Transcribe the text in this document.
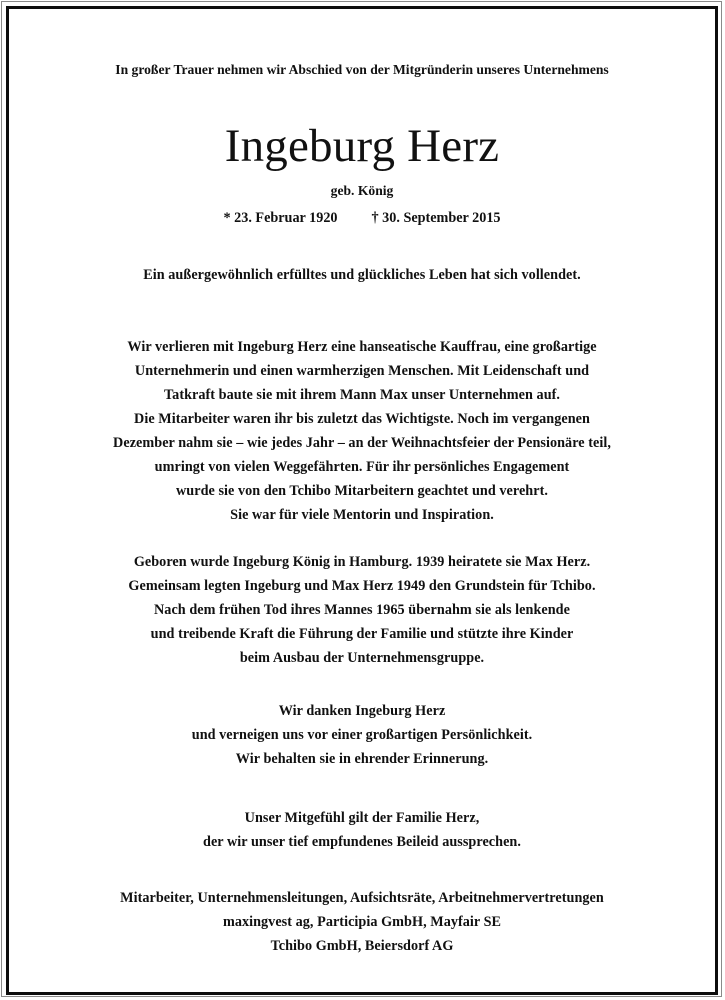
In großer Trauer nehmen wir Abschied von der Mitgründerin unseres Unternehmens
Ingeburg Herz
geb. König
* 23. Februar 1920 † 30. September 2015
Ein außergewöhnlich erfülltes und glückliches Leben hat sich vollendet.
Wir verlieren mit Ingeburg Herz eine hanseatische Kauffrau, eine großartige
Unternehmerin und einen warmherzigen Menschen. Mit Leidenschaft und
Tatkraft baute sie mit ihrem Mann Max unser Unternehmen auf.
Die Mitarbeiter waren ihr bis zuletzt das Wichtigste. Noch im vergangenen
Dezember nahm sie – wie jedes Jahr – an der Weihnachtsfeier der Pensionäre teil,
umringt von vielen Weggefährten. Für ihr persönliches Engagement
wurde sie von den Tchibo Mitarbeitern geachtet und verehrt.
Sie war für viele Mentorin und Inspiration.
Geboren wurde Ingeburg König in Hamburg. 1939 heiratete sie Max Herz.
Gemeinsam legten Ingeburg und Max Herz 1949 den Grundstein für Tchibo.
Nach dem frühen Tod ihres Mannes 1965 übernahm sie als lenkende
und treibende Kraft die Führung der Familie und stützte ihre Kinder
beim Ausbau der Unternehmensgruppe.
Wir danken Ingeburg Herz
und verneigen uns vor einer großartigen Persönlichkeit.
Wir behalten sie in ehrender Erinnerung.
Unser Mitgefühl gilt der Familie Herz,
der wir unser tief empfundenes Beileid aussprechen.
Mitarbeiter, Unternehmensleitungen, Aufsichtsräte, Arbeitnehmervertretungen
maxingvest ag, Participia GmbH, Mayfair SE
Tchibo GmbH, Beiersdorf AG
